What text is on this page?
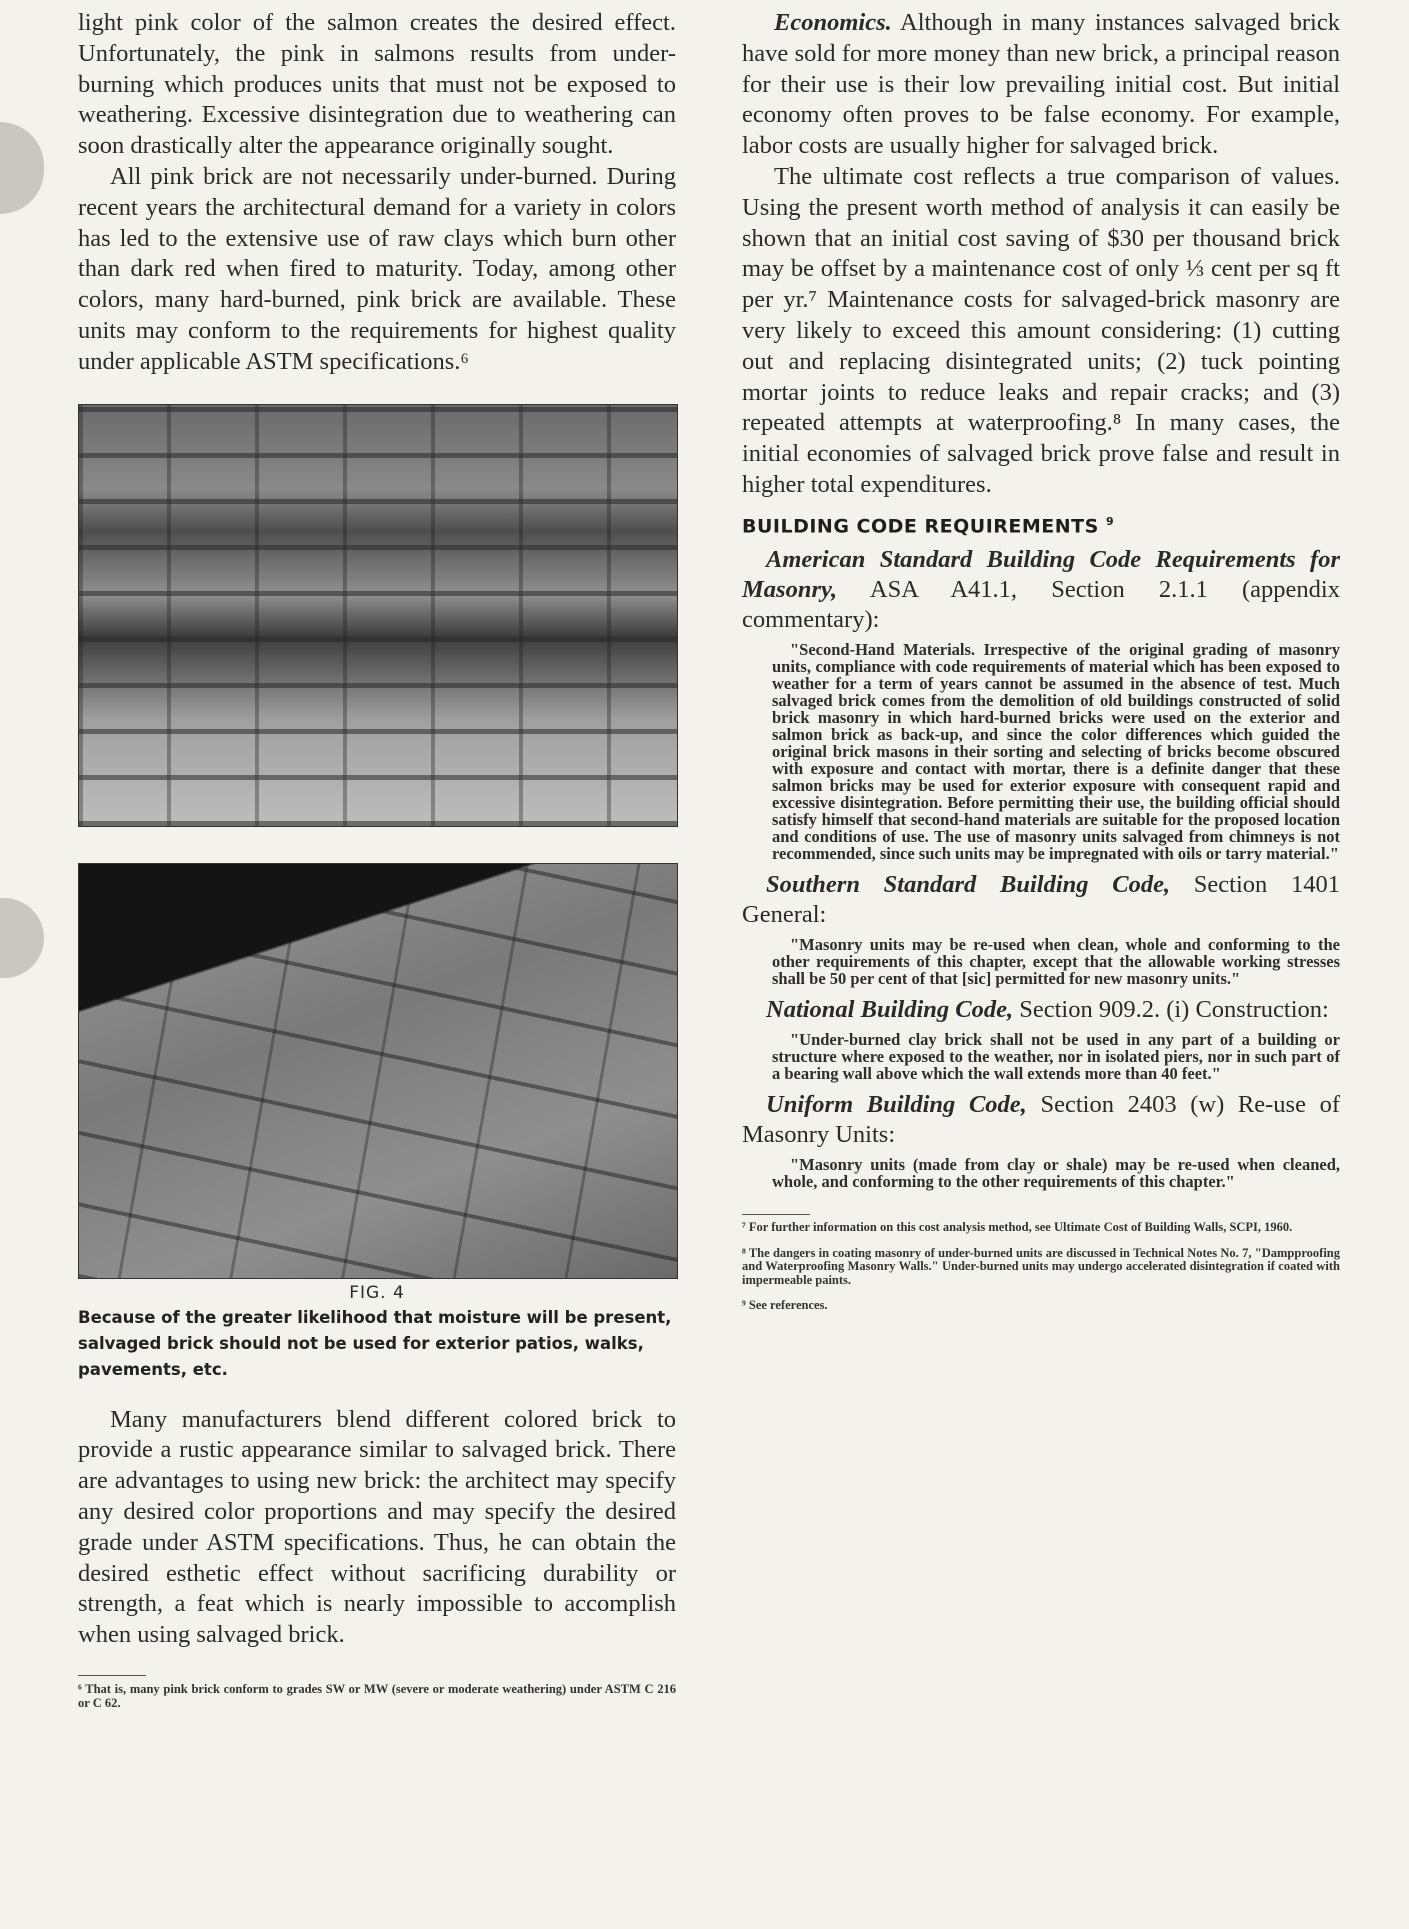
light pink color of the salmon creates the desired effect. Unfortunately, the pink in salmons results from under-burning which produces units that must not be exposed to weathering. Excessive disintegration due to weathering can soon drastically alter the appearance originally sought.

All pink brick are not necessarily under-burned. During recent years the architectural demand for a variety in colors has led to the extensive use of raw clays which burn other than dark red when fired to maturity. Today, among other colors, many hard-burned, pink brick are available. These units may conform to the requirements for highest quality under applicable ASTM specifications.⁶

FIG. 4
Because of the greater likelihood that moisture will be present, salvaged brick should not be used for exterior patios, walks, pavements, etc.

Many manufacturers blend different colored brick to provide a rustic appearance similar to salvaged brick. There are advantages to using new brick: the architect may specify any desired color proportions and may specify the desired grade under ASTM specifications. Thus, he can obtain the desired esthetic effect without sacrificing durability or strength, a feat which is nearly impossible to accomplish when using salvaged brick.

⁶ That is, many pink brick conform to grades SW or MW (severe or moderate weathering) under ASTM C 216 or C 62.

Economics. Although in many instances salvaged brick have sold for more money than new brick, a principal reason for their use is their low prevailing initial cost. But initial economy often proves to be false economy. For example, labor costs are usually higher for salvaged brick.

The ultimate cost reflects a true comparison of values. Using the present worth method of analysis it can easily be shown that an initial cost saving of $30 per thousand brick may be offset by a maintenance cost of only ⅓ cent per sq ft per yr.⁷ Maintenance costs for salvaged-brick masonry are very likely to exceed this amount considering: (1) cutting out and replacing disintegrated units; (2) tuck pointing mortar joints to reduce leaks and repair cracks; and (3) repeated attempts at waterproofing.⁸ In many cases, the initial economies of salvaged brick prove false and result in higher total expenditures.

BUILDING CODE REQUIREMENTS $^9$

American Standard Building Code Requirements for Masonry, ASA A41.1, Section 2.1.1 (appendix commentary):

"Second-Hand Materials. Irrespective of the original grading of masonry units, compliance with code requirements of material which has been exposed to weather for a term of years cannot be assumed in the absence of test. Much salvaged brick comes from the demolition of old buildings constructed of solid brick masonry in which hard-burned bricks were used on the exterior and salmon brick as back-up, and since the color differences which guided the original brick masons in their sorting and selecting of bricks become obscured with exposure and contact with mortar, there is a definite danger that these salmon bricks may be used for exterior exposure with consequent rapid and excessive disintegration. Before permitting their use, the building official should satisfy himself that second-hand materials are suitable for the proposed location and conditions of use. The use of masonry units salvaged from chimneys is not recommended, since such units may be impregnated with oils or tarry material."

Southern Standard Building Code, Section 1401 General:

"Masonry units may be re-used when clean, whole and conforming to the other requirements of this chapter, except that the allowable working stresses shall be 50 per cent of that [sic] permitted for new masonry units."

National Building Code, Section 909.2. (i) Construction:

"Under-burned clay brick shall not be used in any part of a building or structure where exposed to the weather, nor in isolated piers, nor in such part of a bearing wall above which the wall extends more than 40 feet."

Uniform Building Code, Section 2403 (w) Re-use of Masonry Units:

"Masonry units (made from clay or shale) may be re-used when cleaned, whole, and conforming to the other requirements of this chapter."

⁷ For further information on this cost analysis method, see Ultimate Cost of Building Walls, SCPI, 1960.

⁸ The dangers in coating masonry of under-burned units are discussed in Technical Notes No. 7, "Dampproofing and Waterproofing Masonry Walls." Under-burned units may undergo accelerated disintegration if coated with impermeable paints.

⁹ See references.
